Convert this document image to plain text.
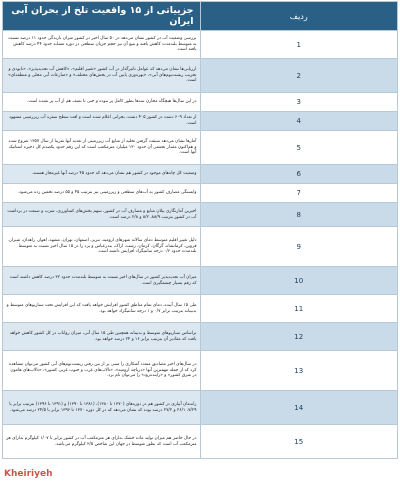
ردیف	جزییاتی از ۱۵ واقعیت تلخ از بحران آبی ایران
1	بررسی وضعیت آب در کشور نشان می‌دهد در ۵۰ سال اخیر در کشور میزان بارندگی حدود ۱۱ درصد نسبت به متوسط بلندمدت کاهش یافته و بتبع آن نیز حجم جریان سطحی در دوره مشابه حدود ۴۴ درصد کاهش یافته است.
2	ارزیابی‌ها نشان می‌دهد که عوامل تاثیرگذار در آب کشور «تغییر اقلیم»، «کاهش آب تجدیدپذیر»، «نابودی و تخریب زیست‌بوم‌های آبی»، «بهره‌وری پایین آب در بخش‌های مختلف» و «منازعات آبی محلی و منطقه‌ای» است.
3	در این سال‌ها هیچگاه مخازن سدها بطور کامل پر نبوده و حتی تا نصف هم از آب پر نشده است.
4	از تعداد ۶۰۹ دشت در کشور ۴۰۵ دشت، بحرانی اعلام شده است و افت سطح سفره آب زیرزمینی مشهود است.
5	آمارها نشان می‌دهد سبقت گرفتن تخلیه از منابع آب زیرزمینی از تغذیه آنها تقریبا از سال ۱۳۵۷ شروع شده و هم‌اکنون مقدار تجمعی آن حدود ۱۳۰ میلیارد مترمکعب است که این رقم حدود یکصدم کل ذخیره استاتیک آنها است.
6	وضعیت کل چاه‌های موجود در کشور هم نشان می‌دهد که حدود ۴۵ درصد آنها غیرمجاز هستند.
7	وابستگی مصارف کشور به آب‌های سطحی و زیرزمینی نیز بترتیب ۴۵ و ۵۵ درصد تخمین زده می‌شود.
8	اخیرین آمارنگاری بیلان منابع و مصارف آب در کشور، سهم بخش‌های کشاورزی، شرب و صنعت در برداشت آب در کشور بترتیب ۸۸/۹، ۸/۲ و ۲/۸ درصد است.
9	دلیل تغییر اقلیم متوسط دمای سالانه شهرهای ارومیه، تبریز، اصفهان، تهران، مشهد، اهواز، زاهدان، شیراز، قزوین، کرمانشاه، گرگان، کرمان، رشت، اراک، بندرعباس و یزد را در ۱۵ سال اخیر نسبت به متوسط بلندمدت حدود ۰/۶ درجه سانتیگراد افزایش داشته است.
10	میزان آب تجدیدپذیر کشور در سال‌های اخیر نسبت به متوسط بلندمدت حدود ۳۲ درصد کاهش داشته است که رقم بسیار چشمگیری است.
11	طی ۱۵ سال آینده، دمای تمام مناطق کشور افزایش خواهد یافت که این افزایش تحت سناریوهای متوسط و بدبینانه بترتیب برابر ۰/۷ و ۱ درجه سانتیگراد خواهد بود.
12	براساس سناریوهای متوسط و بدبینانه همچنین طی ۱۵ سال آتی، میزان رواناب در کل کشور کاهش خواهد یافت که مقادیر آن بترتیب برابر ۱۶ و ۲۴ درصد خواهد بود.
13	در سال‌های اخیر مصادیق متعدد آشکاری را مبنی بر از بین رفتن زیست‌بوم‌های آبی کشور می‌توان مشاهده کرد که از جمله مهمترین آنها «دریاچه ارومیه»، «تالاب‌های غرب و جنوب غربی کشور»، «تالاب‌های هامون در شرق کشور» و «زاینده‌رود» را می‌توان نام برد.
14	راندمان آبیاری در کشور هم در دوره‌های (۱۳۷۰ تا ۱۳۸۰)، (۱۳۸۱ تا ۱۳۹۰) و (۱۳۹۱ تا ۱۳۹۶) بترتیب برابر با ۷/۲۹، ۲۶/۱ و ۲۷/۲ درصد بوده که نشان می‌دهد که در کل دوره ۱۳۷۰ تا ۱۳۹۶ برابر با ۲۴/۵ درصد می‌شود.
15	در حال حاضر هم میزان تولید ماده خشک به‌ازای هر مترمکعب آب در کشور برابر با ۱/۰۷ کیلوگرم به‌ازای هر مترمکعب آب است که بطور متوسط در جهان این شاخص ۲/۵ کیلوگرم می‌باشد.
Kheiriyeh
